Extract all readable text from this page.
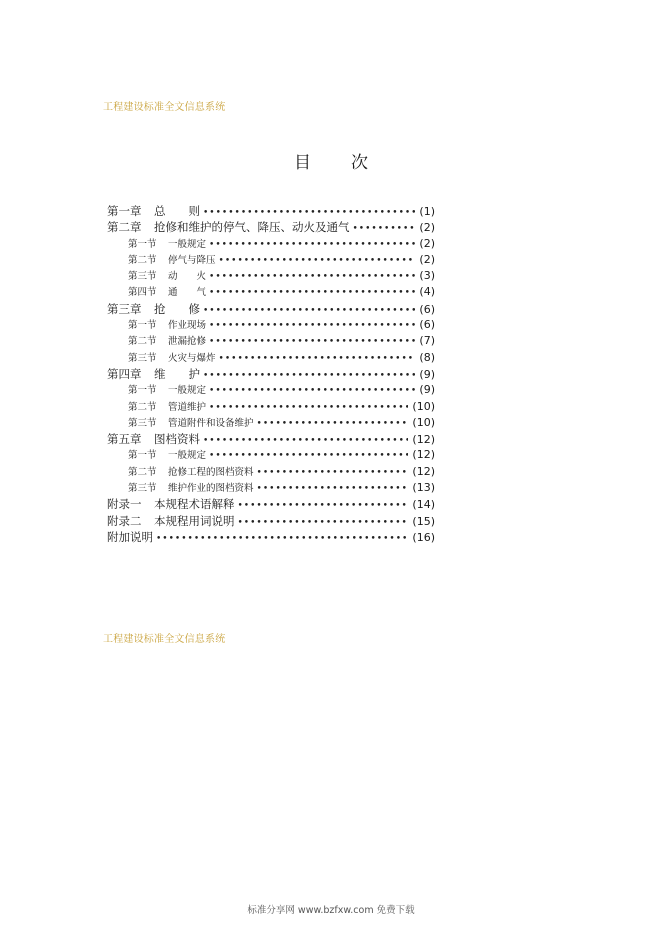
工程建设标准全文信息系统
目 次
第一章	总　　则 •••••	(1)
第二章	抢修和维护的停气、降压、动火及通气 •••••	(2)
第一节	一般规定 •••••	(2)
第二节	停气与降压 •••••	(2)
第三节	动　　火 •••••	(3)
第四节	通　　气 •••••	(4)
第三章	抢　　修 •••••	(6)
第一节	作业现场 •••••	(6)
第二节	泄漏抢修 •••••	(7)
第三节	火灾与爆炸 •••••	(8)
第四章	维　　护 •••••	(9)
第一节	一般规定 •••••	(9)
第二节	管道维护 •••••	(10)
第三节	管道附件和设备维护 •••••	(10)
第五章	图档资料 •••••	(12)
第一节	一般规定 •••••	(12)
第二节	抢修工程的图档资料 •••••	(12)
第三节	维护作业的图档资料 •••••	(13)
附录一	本规程术语解释 •••••	(14)
附录二	本规程用词说明 •••••	(15)
附加说明 •••••	(16)
工程建设标准全文信息系统
标准分享网 www.bzfxw.com 免费下载
